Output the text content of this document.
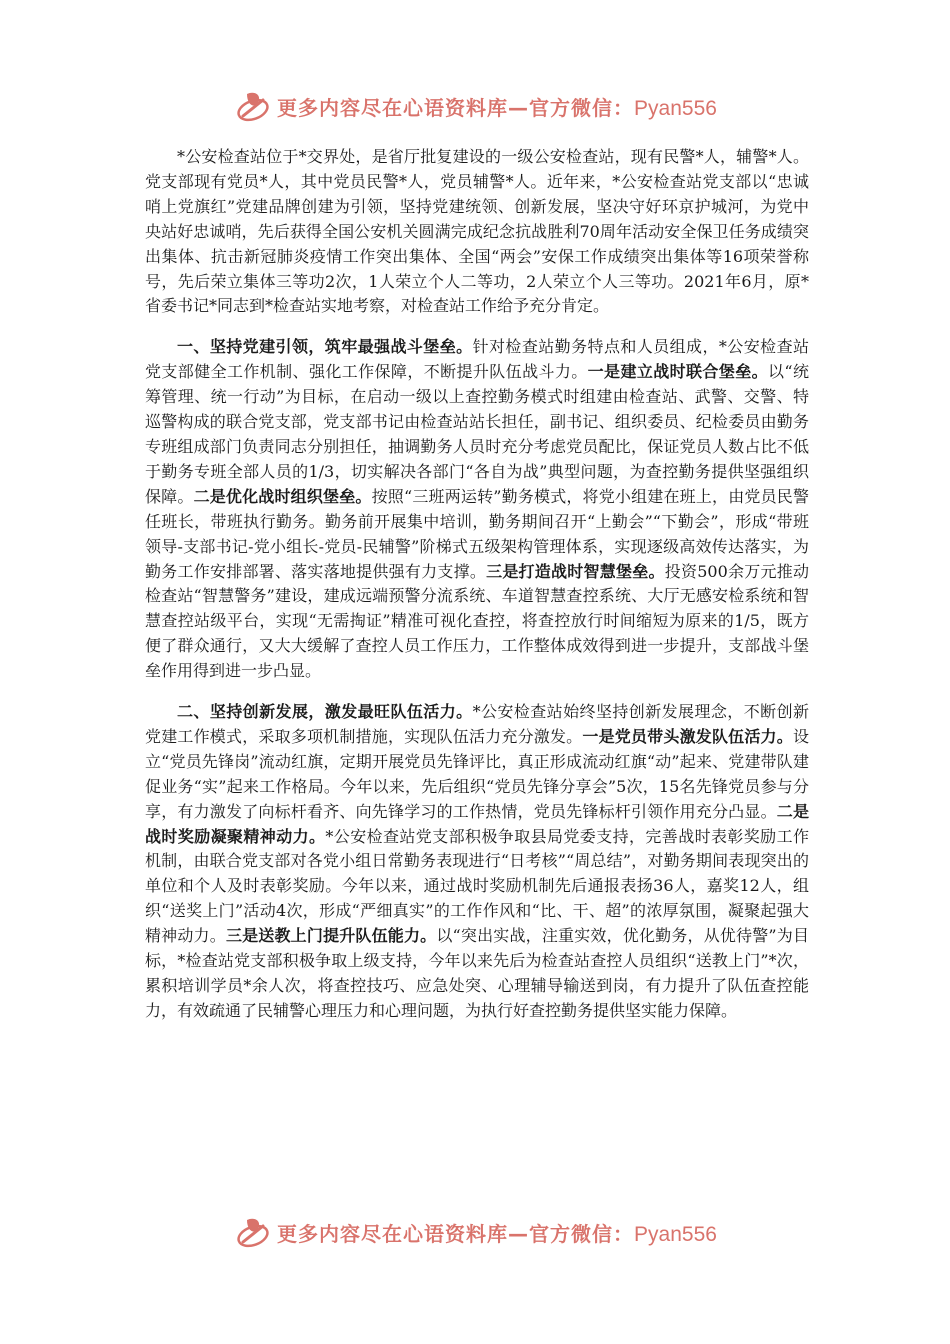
更多内容尽在心语资料库—官方微信：Pyan556

*公安检查站位于*交界处，是省厅批复建设的一级公安检查站，现有民警*人，辅警*人。党支部现有党员*人，其中党员民警*人，党员辅警*人。近年来，*公安检查站党支部以“忠诚哨上党旗红”党建品牌创建为引领，坚持党建统领、创新发展，坚决守好环京护城河，为党中央站好忠诚哨，先后获得全国公安机关圆满完成纪念抗战胜利70周年活动安全保卫任务成绩突出集体、抗击新冠肺炎疫情工作突出集体、全国“两会”安保工作成绩突出集体等16项荣誉称号，先后荣立集体三等功2次，1人荣立个人二等功，2人荣立个人三等功。2021年6月，原*省委书记*同志到*检查站实地考察，对检查站工作给予充分肯定。

一、坚持党建引领，筑牢最强战斗堡垒。针对检查站勤务特点和人员组成，*公安检查站党支部健全工作机制、强化工作保障，不断提升队伍战斗力。一是建立战时联合堡垒。以“统筹管理、统一行动”为目标，在启动一级以上查控勤务模式时组建由检查站、武警、交警、特巡警构成的联合党支部，党支部书记由检查站站长担任，副书记、组织委员、纪检委员由勤务专班组成部门负责同志分别担任，抽调勤务人员时充分考虑党员配比，保证党员人数占比不低于勤务专班全部人员的1/3，切实解决各部门“各自为战”典型问题，为查控勤务提供坚强组织保障。二是优化战时组织堡垒。按照“三班两运转”勤务模式，将党小组建在班上，由党员民警任班长，带班执行勤务。勤务前开展集中培训，勤务期间召开“上勤会”“下勤会”，形成“带班领导-支部书记-党小组长-党员-民辅警”阶梯式五级架构管理体系，实现逐级高效传达落实，为勤务工作安排部署、落实落地提供强有力支撑。三是打造战时智慧堡垒。投资500余万元推动检查站“智慧警务”建设，建成远端预警分流系统、车道智慧查控系统、大厅无感安检系统和智慧查控站级平台，实现“无需掏证”精准可视化查控，将查控放行时间缩短为原来的1/5，既方便了群众通行，又大大缓解了查控人员工作压力，工作整体成效得到进一步提升，支部战斗堡垒作用得到进一步凸显。

二、坚持创新发展，激发最旺队伍活力。*公安检查站始终坚持创新发展理念，不断创新党建工作模式，采取多项机制措施，实现队伍活力充分激发。一是党员带头激发队伍活力。设立“党员先锋岗”流动红旗，定期开展党员先锋评比，真正形成流动红旗“动”起来、党建带队建促业务“实”起来工作格局。今年以来，先后组织“党员先锋分享会”5次，15名先锋党员参与分享，有力激发了向标杆看齐、向先锋学习的工作热情，党员先锋标杆引领作用充分凸显。二是战时奖励凝聚精神动力。*公安检查站党支部积极争取县局党委支持，完善战时表彰奖励工作机制，由联合党支部对各党小组日常勤务表现进行“日考核”“周总结”，对勤务期间表现突出的单位和个人及时表彰奖励。今年以来，通过战时奖励机制先后通报表扬36人，嘉奖12人，组织“送奖上门”活动4次，形成“严细真实”的工作作风和“比、干、超”的浓厚氛围，凝聚起强大精神动力。三是送教上门提升队伍能力。以“突出实战，注重实效，优化勤务，从优待警”为目标，*检查站党支部积极争取上级支持，今年以来先后为检查站查控人员组织“送教上门”*次，累积培训学员*余人次，将查控技巧、应急处突、心理辅导输送到岗，有力提升了队伍查控能力，有效疏通了民辅警心理压力和心理问题，为执行好查控勤务提供坚实能力保障。

更多内容尽在心语资料库—官方微信：Pyan556
